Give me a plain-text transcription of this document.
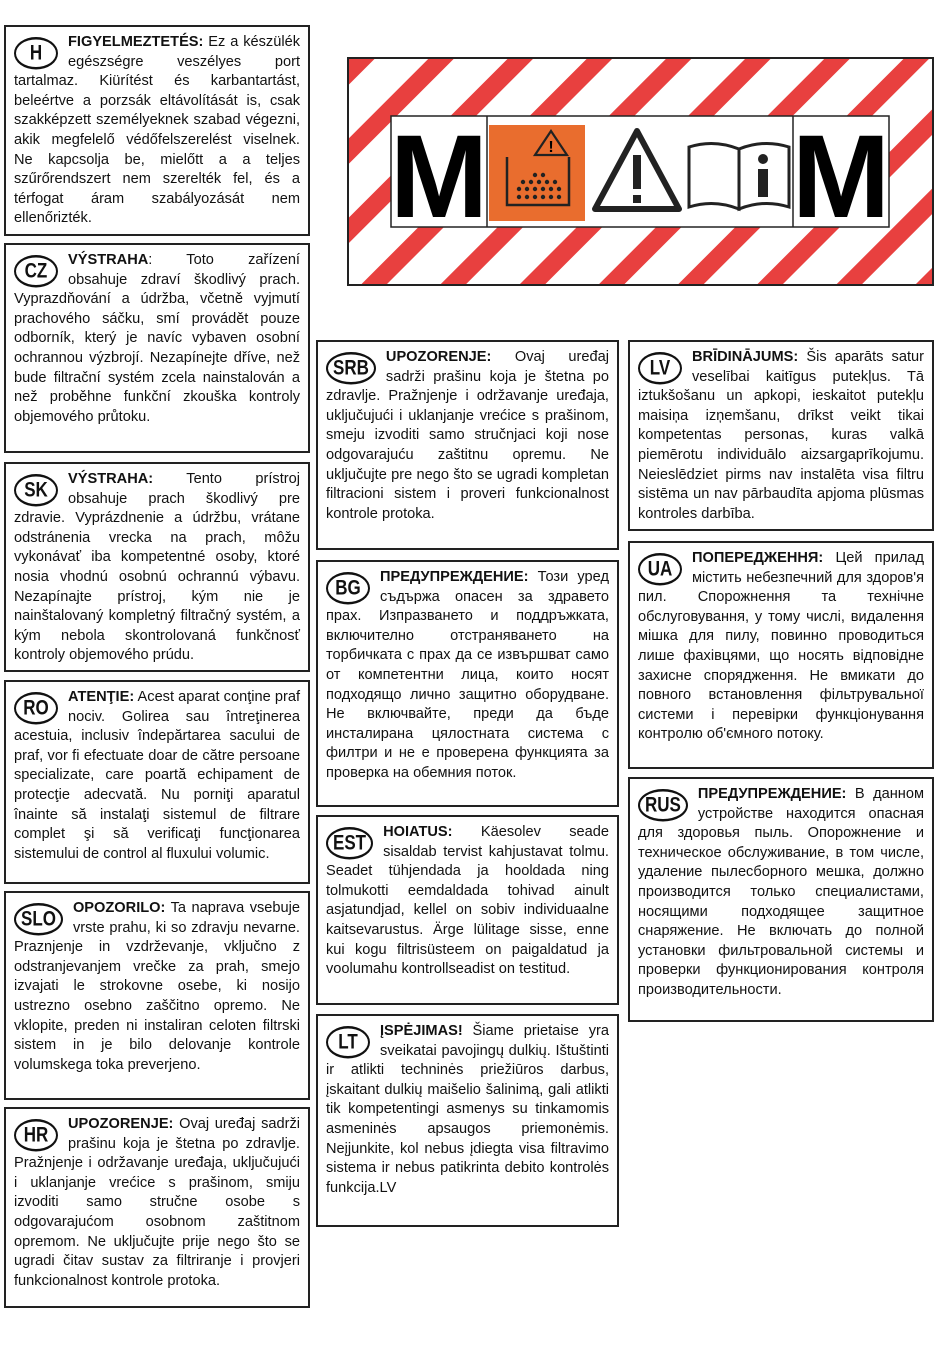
M	M
!
H	FIGYELMEZTETÉS: Ez a készülék egészségre veszélyes port tartalmaz. Kiürítést és karbantartást, beleértve a porzsák eltávolítását is, csak szakképzett személyeknek szabad végezni, akik megfelelő védőfelszerelést viselnek. Ne kapcsolja be, mielőtt a a teljes szűrőrendszert nem szerelték fel, és a térfogat áram szabályozását nem ellenőrizték.
CZ	VÝSTRAHA: Toto zařízení obsahuje zdraví škodlivý prach. Vyprazdňování a údržba, včetně vyjmutí prachového sáčku, smí provádět pouze odborník, který je navíc vybaven osobní ochrannou výzbrojí. Nezapínejte dříve, než bude filtrační systém zcela nainstalován a než proběhne funkční zkouška kontroly objemového průtoku.
SK	VÝSTRAHA: Tento prístroj obsahuje prach škodlivý pre zdravie. Vyprázdnenie a údržbu, vrátane odstránenia vrecka na prach, môžu vykonávať iba kompetentné osoby, ktoré nosia vhodnú osobnú ochrannú výbavu. Nezapínajte prístroj, kým nie je nainštalovaný kompletný filtračný systém, a kým nebola skontrolovaná funkčnosť kontroly objemového prúdu.
RO	ATENŢIE: Acest aparat conţine praf nociv. Golirea sau întreţinerea acestuia, inclusiv îndepărtarea sacului de praf, vor fi efectuate doar de către persoane specializate, care poartă echipament de protecţie adecvată. Nu porniţi aparatul înainte să instalaţi sistemul de filtrare complet şi să verificaţi funcţionarea sistemului de control al fluxului volumic.
SLO	OPOZORILO: Ta naprava vsebuje vrste prahu, ki so zdravju nevarne. Praznjenje in vzdrževanje, vključno z odstranjevanjem vrečke za prah, smejo izvajati le strokovne osebe, ki nosijo ustrezno osebno zaščitno opremo. Ne vklopite, preden ni instaliran celoten filtrski sistem in je bilo delovanje kontrole volumskega toka preverjeno.
HR	UPOZORENJE: Ovaj uređaj sadrži prašinu koja je štetna po zdravlje. Pražnjenje i održavanje uređaja, uključujući i uklanjanje vrećice s prašinom, smiju izvoditi samo stručne osobe s odgovarajućom osobnom zaštitnom opremom. Ne uključujte prije nego što se ugradi čitav sustav za filtriranje i provjeri funkcionalnost kontrole protoka.
SRB	UPOZORENJE: Ovaj uređaj sadrži prašinu koja je štetna po zdravlje. Pražnjenje i održavanje uređaja, uključujući i uklanjanje vrećice s prašinom, smeju izvoditi samo stručnjaci koji nose odgovarajuću zaštitnu opremu. Ne uključujte pre nego što se ugradi kompletan filtracioni sistem i proveri funkcionalnost kontrole protoka.
BG	ПРЕДУПРЕЖДЕНИЕ: Този уред съдържа опасен за здравето прах. Изпразването и поддръжката, включително отстраняването на торбичката с прах да се извършват само от компетентни лица, които носят подходящо лично защитно оборудване. Не включвайте, преди да бъде инсталирана цялостната система с филтри и не е проверена функцията за проверка на обемния поток.
EST	HOIATUS: Käesolev seade sisaldab tervist kahjustavat tolmu. Seadet tühjendada ja hooldada ning tolmukotti eemdaldada tohivad ainult asjatundjad, kellel on sobiv individuaalne kaitsevarustus. Ärge lülitage sisse, enne kui kogu filtrisüsteem on paigaldatud ja voolumahu kontrollseadist on testitud.
LT	ĮSPĖJIMAS! Šiame prietaise yra sveikatai pavojingų dulkių. Ištuštinti ir atlikti techninės priežiūros darbus, įskaitant dulkių maišelio šalinimą, gali atlikti tik kompetentingi asmenys su tinkamomis asmeninės apsaugos priemonėmis. Neįjunkite, kol nebus įdiegta visa filtravimo sistema ir nebus patikrinta debito kontrolės funkcija.LV
LV	BRĪDINĀJUMS: Šis aparāts satur veselībai kaitīgus putekļus. Tā iztukšošanu un apkopi, ieskaitot putekļu maisiņa izņemšanu, drīkst veikt tikai kompetentas personas, kuras valkā piemērotu individuālo aizsargaprīkojumu. Neieslēdziet pirms nav instalēta visa filtru sistēma un nav pārbaudīta apjoma plūsmas kontroles darbība.
UA	ПОПЕРЕДЖЕННЯ: Цей прилад містить небезпечний для здоров'я пил. Спорожнення та технічне обслуговування, у тому числі, видалення мішка для пилу, повинно проводиться лише фахівцями, що носять відповідне захисне спорядження. Не вмикати до повного встановлення фільтрувальної системи і перевірки функціонування контролю об'ємного потоку.
RUS	ПРЕДУПРЕЖДЕНИЕ: В данном устройстве находится опасная для здоровья пыль. Опорожнение и техническое обслуживание, в том числе, удаление пылесборного мешка, должно производится только специалистами, носящими подходящее защитное снаряжение. Не включать до полной установки фильтровальной системы и проверки функционирования контроля производительности.
